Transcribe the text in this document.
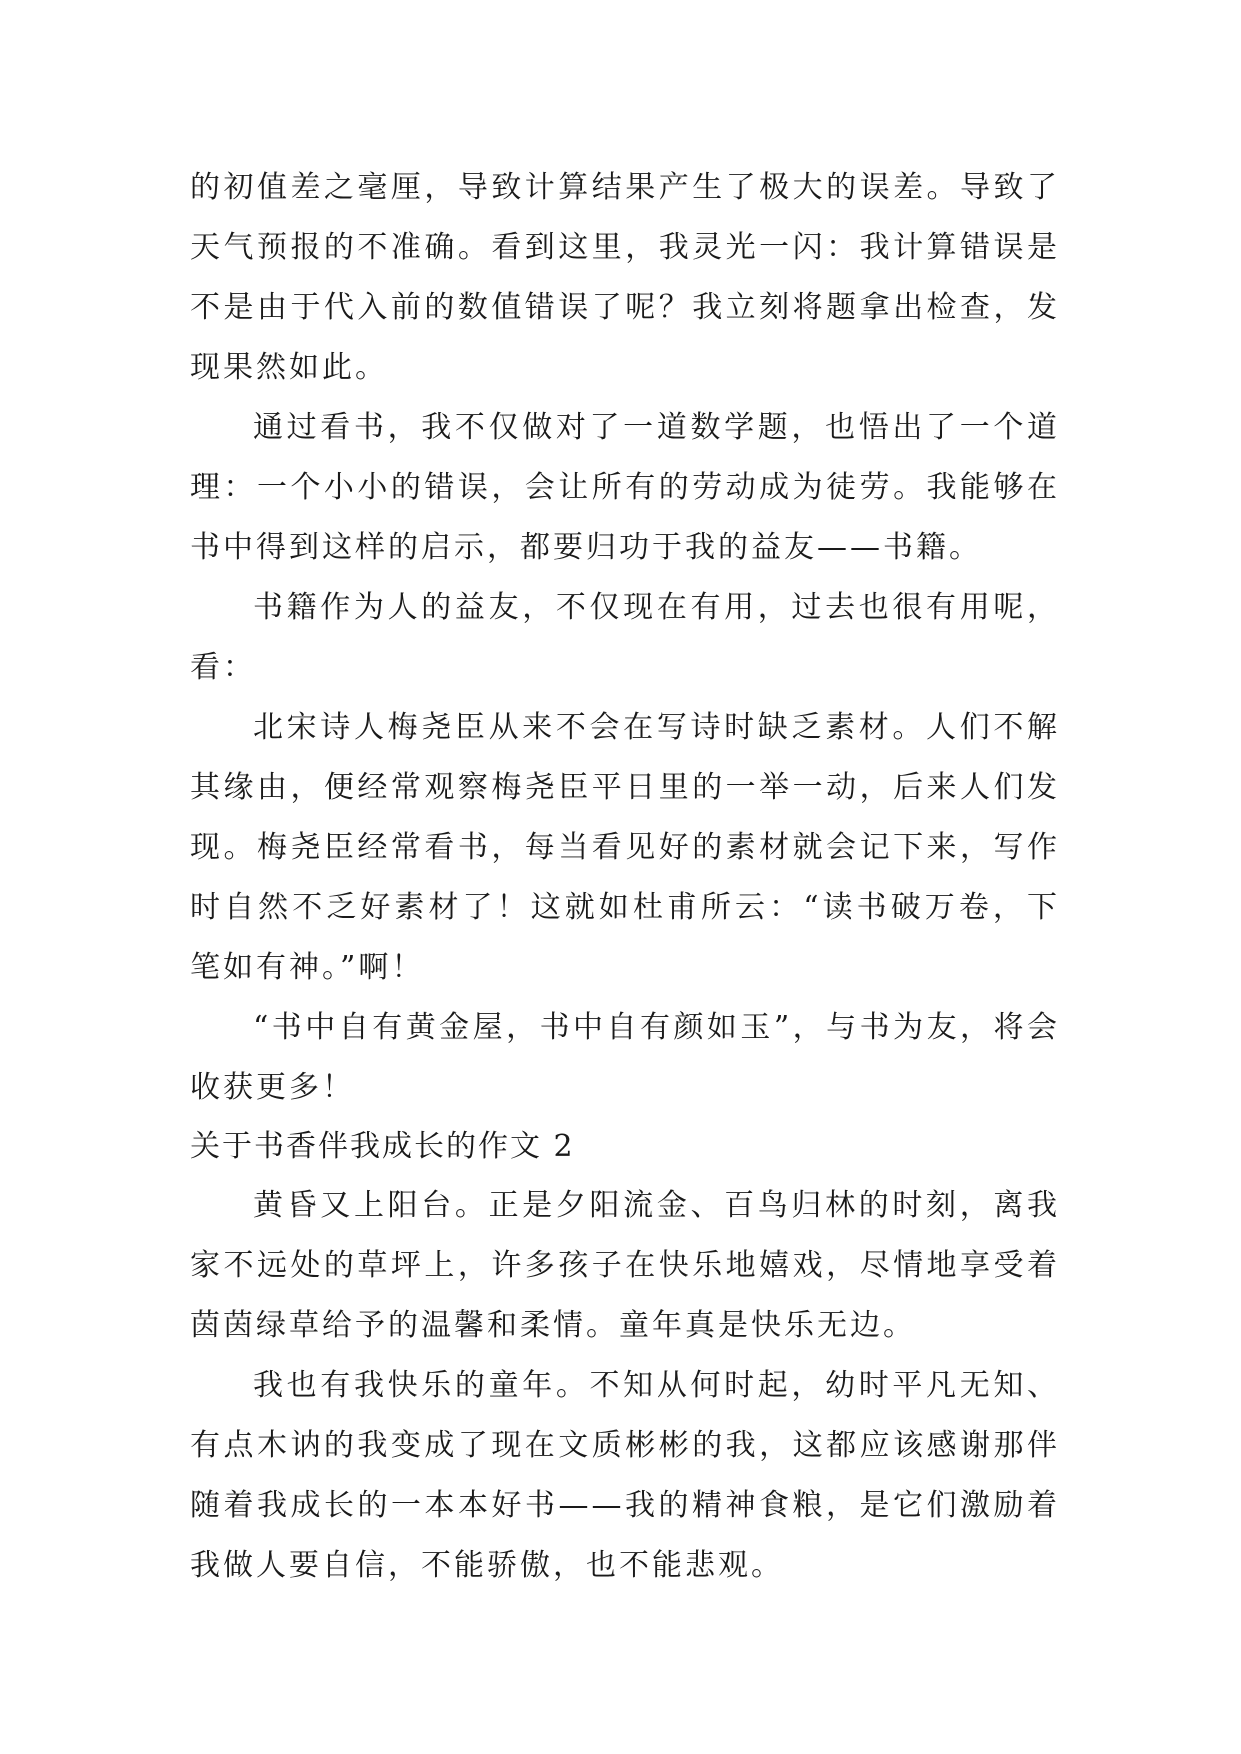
的初值差之毫厘，导致计算结果产生了极大的误差。导致了天气预报的不准确。看到这里，我灵光一闪：我计算错误是不是由于代入前的数值错误了呢？我立刻将题拿出检查，发现果然如此。

通过看书，我不仅做对了一道数学题，也悟出了一个道理：一个小小的错误，会让所有的劳动成为徒劳。我能够在书中得到这样的启示，都要归功于我的益友——书籍。

书籍作为人的益友，不仅现在有用，过去也很有用呢，看：

北宋诗人梅尧臣从来不会在写诗时缺乏素材。人们不解其缘由，便经常观察梅尧臣平日里的一举一动，后来人们发现。梅尧臣经常看书，每当看见好的素材就会记下来，写作时自然不乏好素材了！这就如杜甫所云：“读书破万卷，下笔如有神。”啊！

“书中自有黄金屋，书中自有颜如玉”，与书为友，将会收获更多！

关于书香伴我成长的作文 2

黄昏又上阳台。正是夕阳流金、百鸟归林的时刻，离我家不远处的草坪上，许多孩子在快乐地嬉戏，尽情地享受着茵茵绿草给予的温馨和柔情。童年真是快乐无边。

我也有我快乐的童年。不知从何时起，幼时平凡无知、有点木讷的我变成了现在文质彬彬的我，这都应该感谢那伴随着我成长的一本本好书——我的精神食粮，是它们激励着我做人要自信，不能骄傲，也不能悲观。
